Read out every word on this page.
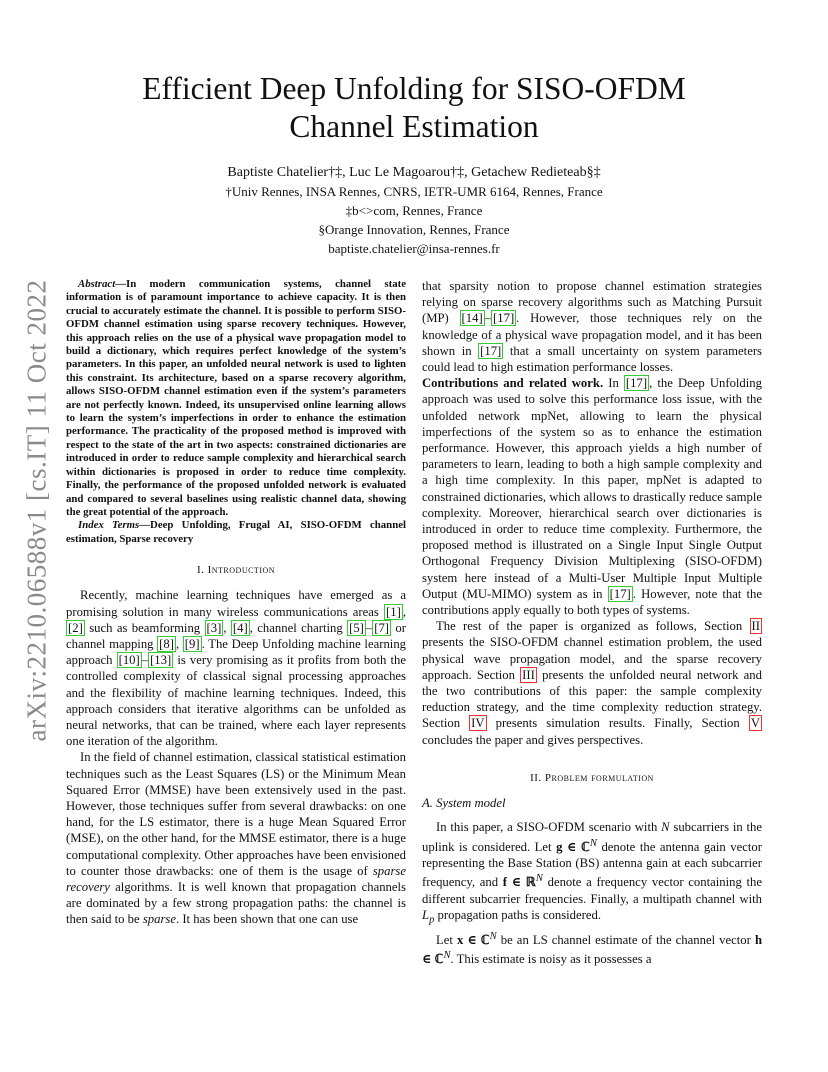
arXiv:2210.06588v1 [cs.IT] 11 Oct 2022
Efficient Deep Unfolding for SISO-OFDM
Channel Estimation
Baptiste Chatelier†‡, Luc Le Magoarou†‡, Getachew Redieteab§‡
†Univ Rennes, INSA Rennes, CNRS, IETR-UMR 6164, Rennes, France
‡b<>com, Rennes, France
§Orange Innovation, Rennes, France
baptiste.chatelier@insa-rennes.fr

Abstract—In modern communication systems, channel state information is of paramount importance to achieve capacity. It is then crucial to accurately estimate the channel. It is possible to perform SISO-OFDM channel estimation using sparse recovery techniques. However, this approach relies on the use of a physical wave propagation model to build a dictionary, which requires perfect knowledge of the system’s parameters. In this paper, an unfolded neural network is used to lighten this constraint. Its architecture, based on a sparse recovery algorithm, allows SISO-OFDM channel estimation even if the system’s parameters are not perfectly known. Indeed, its unsupervised online learning allows to learn the system’s imperfections in order to enhance the estimation performance. The practicality of the proposed method is improved with respect to the state of the art in two aspects: constrained dictionaries are introduced in order to reduce sample complexity and hierarchical search within dictionaries is proposed in order to reduce time complexity. Finally, the performance of the proposed unfolded network is evaluated and compared to several baselines using realistic channel data, showing the great potential of the approach.

Index Terms—Deep Unfolding, Frugal AI, SISO-OFDM channel estimation, Sparse recovery

I. Introduction

Recently, machine learning techniques have emerged as a promising solution in many wireless communications areas [1] , [2] such as beamforming [3] , [4] , channel charting [5] – [7] or channel mapping [8] , [9] . The Deep Unfolding machine learning approach [10] – [13] is very promising as it profits from both the controlled complexity of classical signal processing approaches and the flexibility of machine learning techniques. Indeed, this approach considers that iterative algorithms can be unfolded as neural networks, that can be trained, where each layer represents one iteration of the algorithm.

In the field of channel estimation, classical statistical estimation techniques such as the Least Squares (LS) or the Minimum Mean Squared Error (MMSE) have been extensively used in the past. However, those techniques suffer from several drawbacks: on one hand, for the LS estimator, there is a huge Mean Squared Error (MSE), on the other hand, for the MMSE estimator, there is a huge computational complexity. Other approaches have been envisioned to counter those drawbacks: one of them is the usage of sparse recovery algorithms. It is well known that propagation channels are dominated by a few strong propagation paths: the channel is then said to be sparse. It has been shown that one can use

that sparsity notion to propose channel estimation strategies relying on sparse recovery algorithms such as Matching Pursuit (MP) [14] – [17] . However, those techniques rely on the knowledge of a physical wave propagation model, and it has been shown in [17] that a small uncertainty on system parameters could lead to high estimation performance losses.

Contributions and related work. In [17] , the Deep Unfolding approach was used to solve this performance loss issue, with the unfolded network mpNet, allowing to learn the physical imperfections of the system so as to enhance the estimation performance. However, this approach yields a high number of parameters to learn, leading to both a high sample complexity and a high time complexity. In this paper, mpNet is adapted to constrained dictionaries, which allows to drastically reduce sample complexity. Moreover, hierarchical search over dictionaries is introduced in order to reduce time complexity. Furthermore, the proposed method is illustrated on a Single Input Single Output Orthogonal Frequency Division Multiplexing (SISO-OFDM) system here instead of a Multi-User Multiple Input Multiple Output (MU-MIMO) system as in [17] . However, note that the contributions apply equally to both types of systems.

The rest of the paper is organized as follows, Section II presents the SISO-OFDM channel estimation problem, the used physical wave propagation model, and the sparse recovery approach. Section III presents the unfolded neural network and the two contributions of this paper: the sample complexity reduction strategy, and the time complexity reduction strategy. Section IV presents simulation results. Finally, Section V concludes the paper and gives perspectives.

II. Problem formulation
A. System model

In this paper, a SISO-OFDM scenario with N subcarriers in the uplink is considered. Let g ∈ ℂ$^N$ denote the antenna gain vector representing the Base Station (BS) antenna gain at each subcarrier frequency, and f ∈ ℝ$^N$ denote a frequency vector containing the different subcarrier frequencies. Finally, a multipath channel with $L_p$ propagation paths is considered.

Let x ∈ ℂ$^N$ be an LS channel estimate of the channel vector h ∈ ℂ$^N$. This estimate is noisy as it possesses a
